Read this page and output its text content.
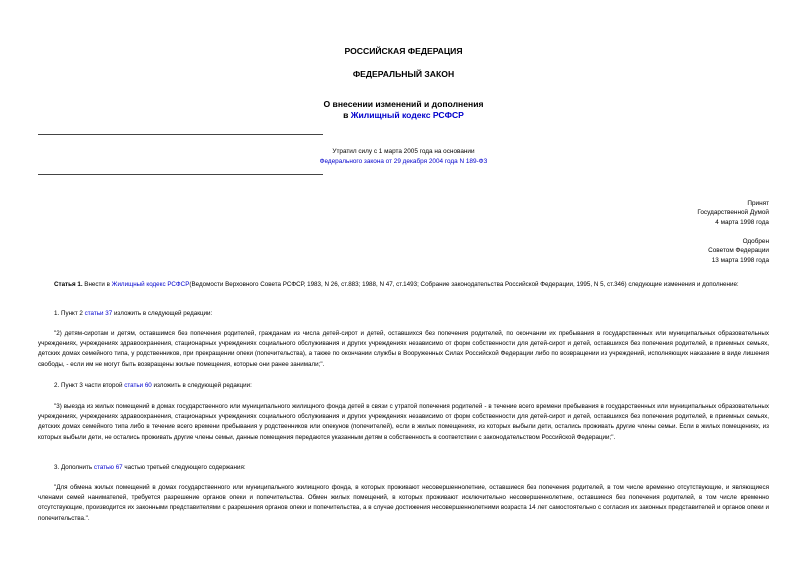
РОССИЙСКАЯ ФЕДЕРАЦИЯ
ФЕДЕРАЛЬНЫЙ ЗАКОН
О внесении изменений и дополнения
в Жилищный кодекс РСФСР
Утратил силу с 1 марта 2005 года на основании
Федерального закона от 29 декабря 2004 года N 189-ФЗ
Принят
Государственной Думой
4 марта 1998 года
Одобрен
Советом Федерации
13 марта 1998 года
Статья 1. Внести в Жилищный кодекс РСФСР(Ведомости Верховного Совета РСФСР, 1983, N 26, ст.883; 1988, N 47, ст.1493; Собрание законодательства Российской Федерации, 1995, N 5, ст.346) следующие изменения и дополнение:
1. Пункт 2 статьи 37 изложить в следующей редакции:
"2) детям-сиротам и детям, оставшимся без попечения родителей, гражданам из числа детей-сирот и детей, оставшихся без попечения родителей, по окончании их пребывания в государственных или муниципальных образовательных учреждениях, учреждениях здравоохранения, стационарных учреждениях социального обслуживания и других учреждениях независимо от форм собственности для детей-сирот и детей, оставшихся без попечения родителей, в приемных семьях, детских домах семейного типа, у родственников, при прекращении опеки (попечительства), а также по окончании службы в Вооруженных Силах Российской Федерации либо по возвращении из учреждений, исполняющих наказание в виде лишения свободы, - если им не могут быть возвращены жилые помещения, которые они ранее занимали;".
2. Пункт 3 части второй статьи 60 изложить в следующей редакции:
"3) выезда из жилых помещений в домах государственного или муниципального жилищного фонда детей в связи с утратой попечения родителей - в течение всего времени пребывания в государственных или муниципальных образовательных учреждениях, учреждениях здравоохранения, стационарных учреждениях социального обслуживания и других учреждениях независимо от форм собственности для детей-сирот и детей, оставшихся без попечения родителей, в приемных семьях, детских домах семейного типа либо в течение всего времени пребывания у родственников или опекунов (попечителей), если в жилых помещениях, из которых выбыли дети, остались проживать другие члены семьи. Если в жилых помещениях, из которых выбыли дети, не остались проживать другие члены семьи, данные помещения передаются указанным детям в собственность в соответствии с законодательством Российской Федерации;".
3. Дополнить статью 67 частью третьей следующего содержания:
"Для обмена жилых помещений в домах государственного или муниципального жилищного фонда, в которых проживают несовершеннолетние, оставшиеся без попечения родителей, в том числе временно отсутствующие, и являющиеся членами семей нанимателей, требуется разрешение органов опеки и попечительства. Обмен жилых помещений, в которых проживают исключительно несовершеннолетние, оставшиеся без попечения родителей, в том числе временно отсутствующие, производится их законными представителями с разрешения органов опеки и попечительства, а в случае достижения несовершеннолетними возраста 14 лет самостоятельно с согласия их законных представителей и органов опеки и попечительства.".
